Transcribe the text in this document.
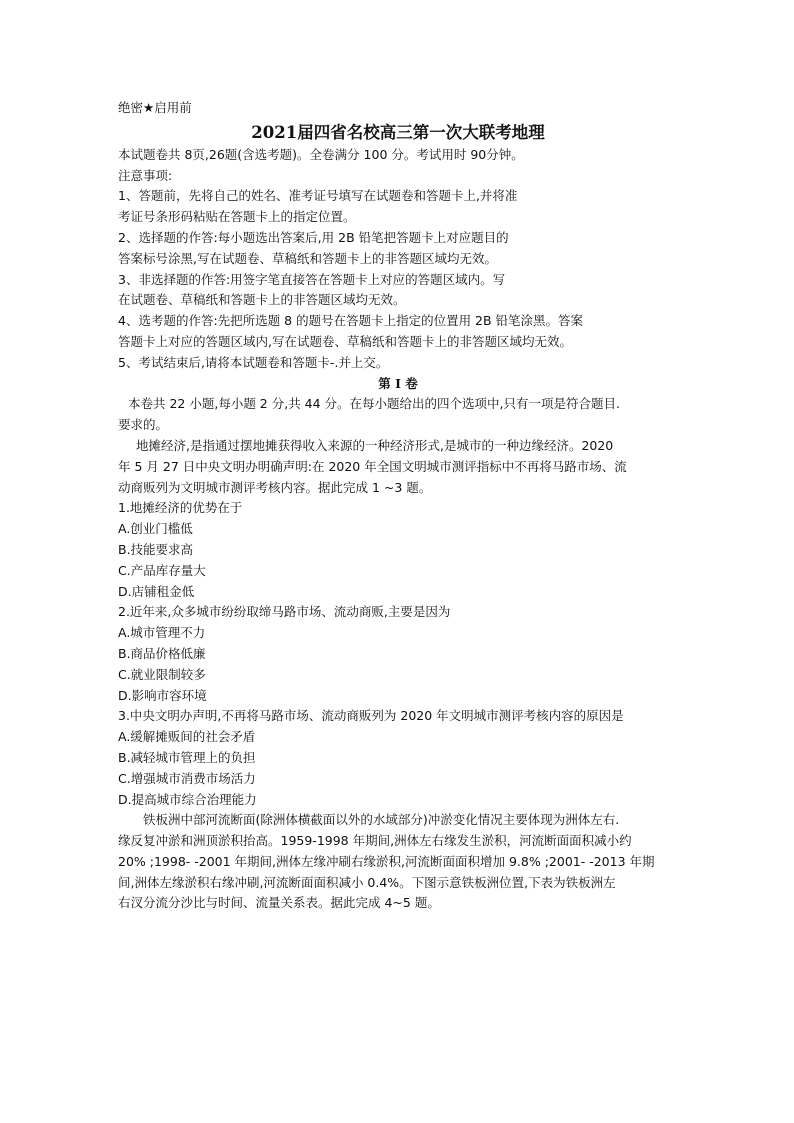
绝密★启用前
2021届四省名校高三第一次大联考地理
本试题卷共 8页,26题(含选考题)。全卷满分 100 分。考试用时 90分钟。
注意事项:
1、答题前，先将自己的姓名、准考证号填写在试题卷和答题卡上,并将准
考证号条形码粘贴在答题卡上的指定位置。
2、选择题的作答:每小题选出答案后,用 2B 铅笔把答题卡上对应题目的
答案标号涂黑,写在试题卷、草稿纸和答题卡上的非答题区域均无效。
3、非选择题的作答:用签字笔直接答在答题卡上对应的答题区域内。写
在试题卷、草稿纸和答题卡上的非答题区域均无效。
4、选考题的作答:先把所选题 8 的题号在答题卡上指定的位置用 2B 铅笔涂黑。答案
答题卡上对应的答题区域内,写在试题卷、草稿纸和答题卡上的非答题区域均无效。
5、考试结束后,请将本试题卷和答题卡-.并上交。
第 I 卷
本卷共 22 小题,每小题 2 分,共 44 分。在每小题给出的四个选项中,只有一项是符合题目.
要求的。
地摊经济,是指通过摆地摊获得收入来源的一种经济形式,是城市的一种边缘经济。2020
年 5 月 27 日中央文明办明确声明:在 2020 年全国文明城市测评指标中不再将马路市场、流
动商贩列为文明城市测评考核内容。据此完成 1 ~3 题。
1.地摊经济的优势在于
A.创业门槛低
B.技能要求高
C.产品库存量大
D.店铺租金低
2.近年来,众多城市纷纷取缔马路市场、流动商贩,主要是因为
A.城市管理不力
B.商品价格低廉
C.就业限制较多
D.影响市容环境
3.中央文明办声明,不再将马路市场、流动商贩列为 2020 年文明城市测评考核内容的原因是
A.缓解摊贩间的社会矛盾
B.减轻城市管理上的负担
C.增强城市消费市场活力
D.提高城市综合治理能力
铁板洲中部河流断面(除洲体横截面以外的水域部分)冲淤变化情况主要体现为洲体左右.
缘反复冲淤和洲顶淤积抬高。1959-1998 年期间,洲体左右缘发生淤积，河流断面面积减小约
20% ;1998- -2001 年期间,洲体左缘冲刷右缘淤积,河流断面面积增加 9.8% ;2001- -2013 年期
间,洲体左缘淤积右缘冲刷,河流断面面积减小 0.4%。下图示意铁板洲位置,下表为铁板洲左
右汊分流分沙比与时间、流量关系表。据此完成 4~5 题。
